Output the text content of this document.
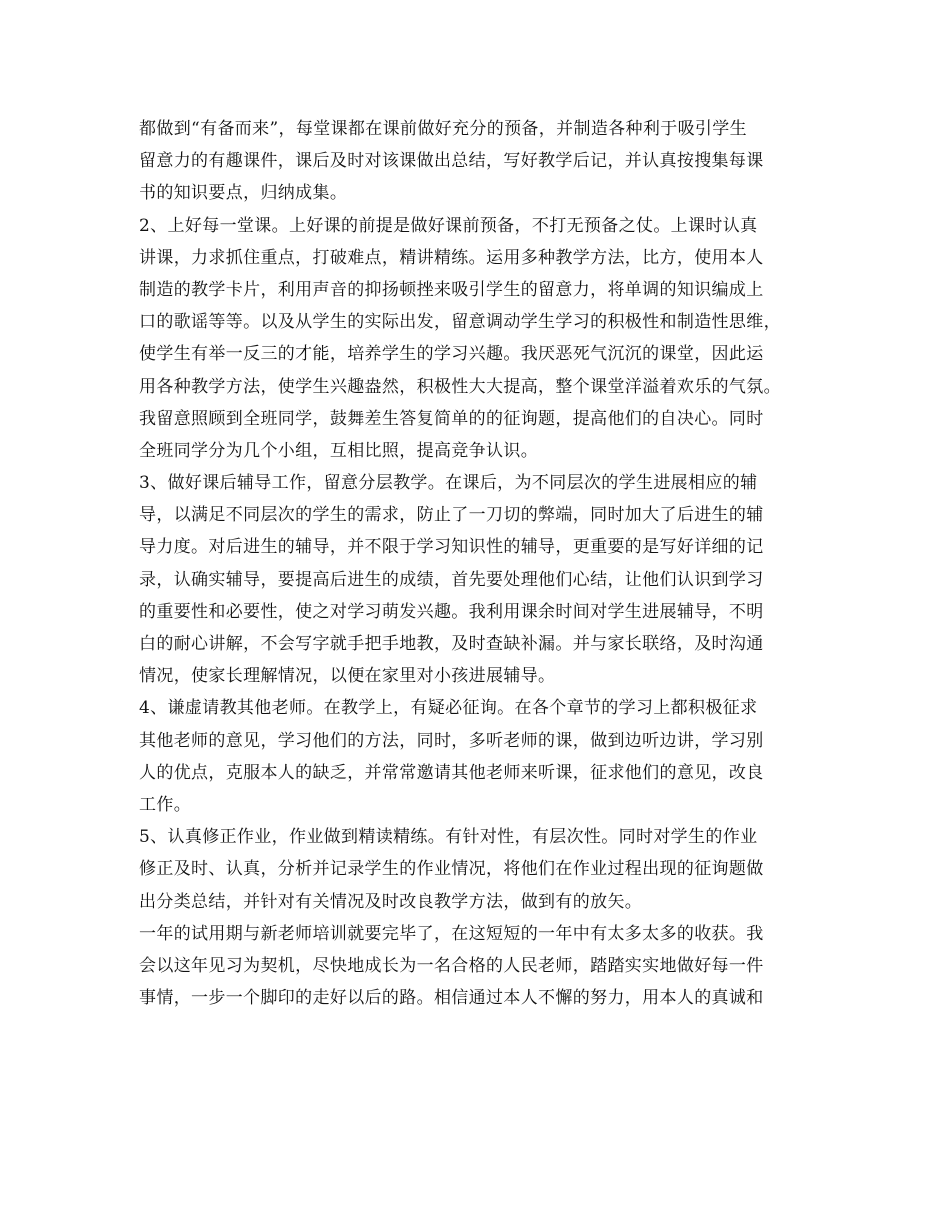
都做到“有备而来”，每堂课都在课前做好充分的预备，并制造各种利于吸引学生
留意力的有趣课件，课后及时对该课做出总结，写好教学后记，并认真按搜集每课
书的知识要点，归纳成集。
2、上好每一堂课。上好课的前提是做好课前预备，不打无预备之仗。上课时认真
讲课，力求抓住重点，打破难点，精讲精练。运用多种教学方法，比方，使用本人
制造的教学卡片，利用声音的抑扬顿挫来吸引学生的留意力，将单调的知识编成上
口的歌谣等等。以及从学生的实际出发，留意调动学生学习的积极性和制造性思维，
使学生有举一反三的才能，培养学生的学习兴趣。我厌恶死气沉沉的课堂，因此运
用各种教学方法，使学生兴趣盎然，积极性大大提高，整个课堂洋溢着欢乐的气氛。
我留意照顾到全班同学，鼓舞差生答复简单的的征询题，提高他们的自决心。同时
全班同学分为几个小组，互相比照，提高竞争认识。
3、做好课后辅导工作，留意分层教学。在课后，为不同层次的学生进展相应的辅
导，以满足不同层次的学生的需求，防止了一刀切的弊端，同时加大了后进生的辅
导力度。对后进生的辅导，并不限于学习知识性的辅导，更重要的是写好详细的记
录，认确实辅导，要提高后进生的成绩，首先要处理他们心结，让他们认识到学习
的重要性和必要性，使之对学习萌发兴趣。我利用课余时间对学生进展辅导，不明
白的耐心讲解，不会写字就手把手地教，及时查缺补漏。并与家长联络，及时沟通
情况，使家长理解情况，以便在家里对小孩进展辅导。
4、谦虚请教其他老师。在教学上，有疑必征询。在各个章节的学习上都积极征求
其他老师的意见，学习他们的方法，同时，多听老师的课，做到边听边讲，学习别
人的优点，克服本人的缺乏，并常常邀请其他老师来听课，征求他们的意见，改良
工作。
5、认真修正作业，作业做到精读精练。有针对性，有层次性。同时对学生的作业
修正及时、认真，分析并记录学生的作业情况，将他们在作业过程出现的征询题做
出分类总结，并针对有关情况及时改良教学方法，做到有的放矢。
一年的试用期与新老师培训就要完毕了，在这短短的一年中有太多太多的收获。我
会以这年见习为契机，尽快地成长为一名合格的人民老师，踏踏实实地做好每一件
事情，一步一个脚印的走好以后的路。相信通过本人不懈的努力，用本人的真诚和
